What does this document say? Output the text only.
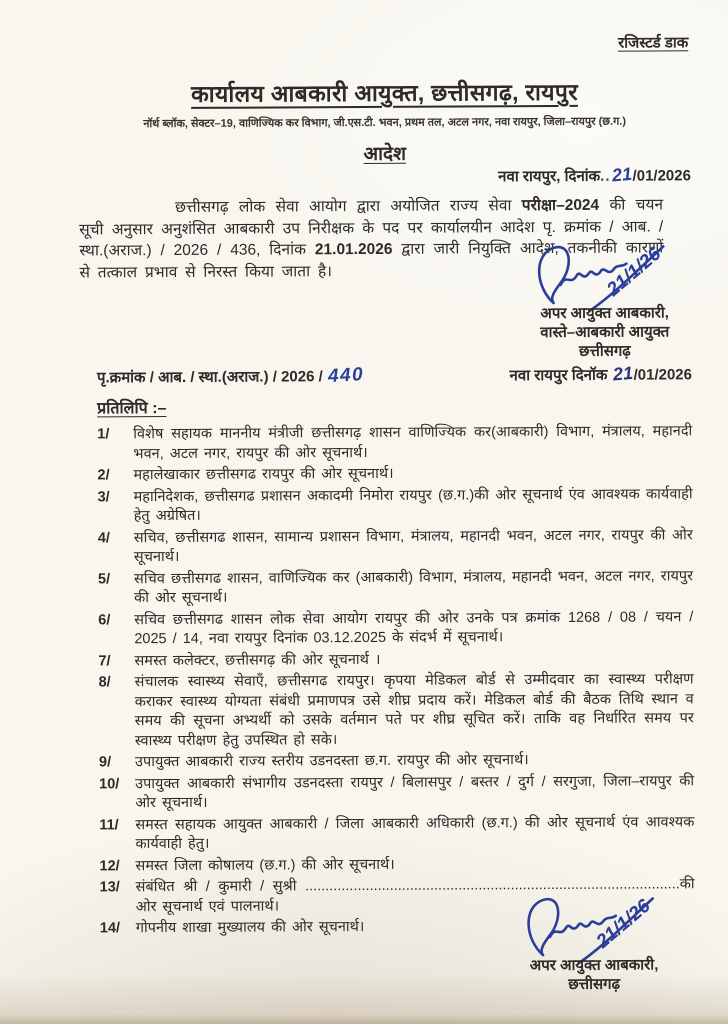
रजिस्टर्ड डाक
कार्यालय आबकारी आयुक्त, छत्तीसगढ़, रायपुर
नॉर्थ ब्लॉक, सेक्टर–19, वाणिज्यिक कर विभाग, जी.एस.टी. भवन, प्रथम तल, अटल नगर, नवा रायपुर, जिला–रायपुर (छ.ग.)
आदेश
नवा रायपुर, दिनांक..21/01/2026

छत्तीसगढ़ लोक सेवा आयोग द्वारा अयोजित राज्य सेवा परीक्षा–2024 की चयन सूची अनुसार अनुशंसित आबकारी उप निरीक्षक के पद पर कार्यालयीन आदेश पृ. क्रमांक / आब. / स्था.(अराज.) / 2026 / 436, दिनांक 21.01.2026 द्वारा जारी नियुक्ति आदेश, तकनीकी कारणों से तत्काल प्रभाव से निरस्त किया जाता है।	21/1/26
अपर आयुक्त आबकारी,
वास्ते–आबकारी आयुक्त
छत्तीसगढ़
पृ.क्रमांक / आब. / स्था.(अराज.) / 2026 / 440	नवा रायपुर दिनॉक 21/01/2026
प्रतिलिपि :–
1/	विशेष सहायक माननीय मंत्रीजी छत्तीसगढ़ शासन वाणिज्यिक कर(आबकारी) विभाग, मंत्रालय, महानदी भवन, अटल नगर, रायपुर की ओर सूचनार्थ।
2/	महालेखाकार छत्तीसगढ रायपुर की ओर सूचनार्थ।
3/	महानिदेशक, छत्तीसगढ प्रशासन अकादमी निमोरा रायपुर (छ.ग.)की ओर सूचनार्थ एंव आवश्यक कार्यवाही हेतु अग्रेषित।
4/	सचिव, छत्तीसगढ शासन, सामान्य प्रशासन विभाग, मंत्रालय, महानदी भवन, अटल नगर, रायपुर की ओर सूचनार्थ।
5/	सचिव छत्तीसगढ शासन, वाणिज्यिक कर (आबकारी) विभाग, मंत्रालय, महानदी भवन, अटल नगर, रायपुर की ओर सूचनार्थ।
6/	सचिव छत्तीसगढ शासन लोक सेवा आयोग रायपुर की ओर उनके पत्र क्रमांक 1268 / 08 / चयन / 2025 / 14, नवा रायपुर दिनांक 03.12.2025 के संदर्भ में सूचनार्थ।
7/	समस्त कलेक्टर, छत्तीसगढ़ की ओर सूचनार्थ ।
8/	संचालक स्वास्थ्य सेवाएँ, छत्तीसगढ रायपुर। कृपया मेडिकल बोर्ड से उम्मीदवार का स्वास्थ्य परीक्षण कराकर स्वास्थ्य योग्यता संबंधी प्रमाणपत्र उसे शीघ्र प्रदाय करें। मेडिकल बोर्ड की बैठक तिथि स्थान व समय की सूचना अभ्यर्थी को उसके वर्तमान पते पर शीघ्र सूचित करें। ताकि वह निर्धारित समय पर स्वास्थ्य परीक्षण हेतु उपस्थित हो सके।
9/	उपायुक्त आबकारी राज्य स्तरीय उडनदस्ता छ.ग. रायपुर की ओर सूचनार्थ।
10/	उपायुक्त आबकारी संभागीय उडनदस्ता रायपुर / बिलासपुर / बस्तर / दुर्ग / सरगुजा, जिला–रायपुर की ओर सूचनार्थ।
11/	समस्त सहायक आयुक्त आबकारी / जिला आबकारी अधिकारी (छ.ग.) की ओर सूचनार्थ एंव आवश्यक कार्यवाही हेतु।
12/	समस्त जिला कोषालय (छ.ग.) की ओर सूचनार्थ।
13/	संबंधित श्री / कुमारी / सुश्री .............................................................................................की ओर सूचनार्थ एवं पालनार्थ।
14/	गोपनीय शाखा मुख्यालय की ओर सूचनार्थ।	21/1/26
अपर आयुक्त आबकारी,
छत्तीसगढ़
